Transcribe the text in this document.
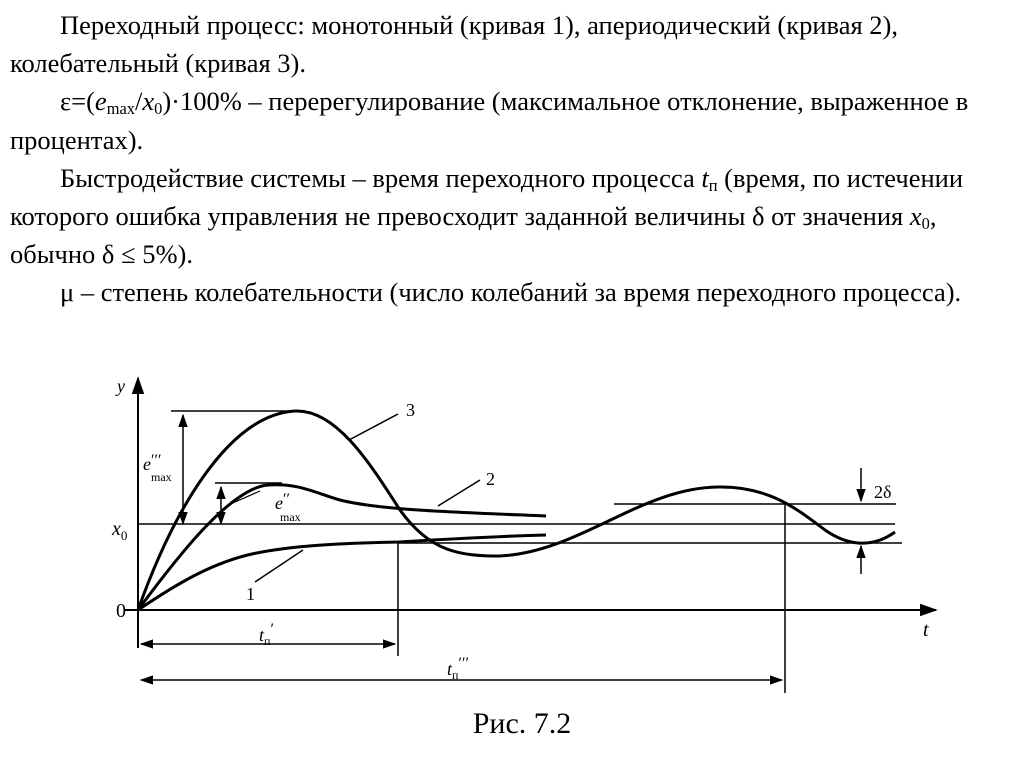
Переходный процесс: монотонный (кривая 1), апериодический (кривая 2), колебательный (кривая 3).

$\varepsilon=(e_{max}/x_0)\cdot 100\%$ – перерегулирование (максимальное отклонение, выраженное в процентах).

Быстродействие системы – время переходного процесса $t_п$ (время, по истечении которого ошибка управления не превосходит заданной величины δ от значения $x_0$, обычно δ ≤ 5%).

μ – степень колебательности (число колебаний за время переходного процесса).

y
t
0
$x_0$
3
2
1
e′′′
max
e′′
max
2δ
$t_п'$
$t_п'''$
Рис. 7.2
